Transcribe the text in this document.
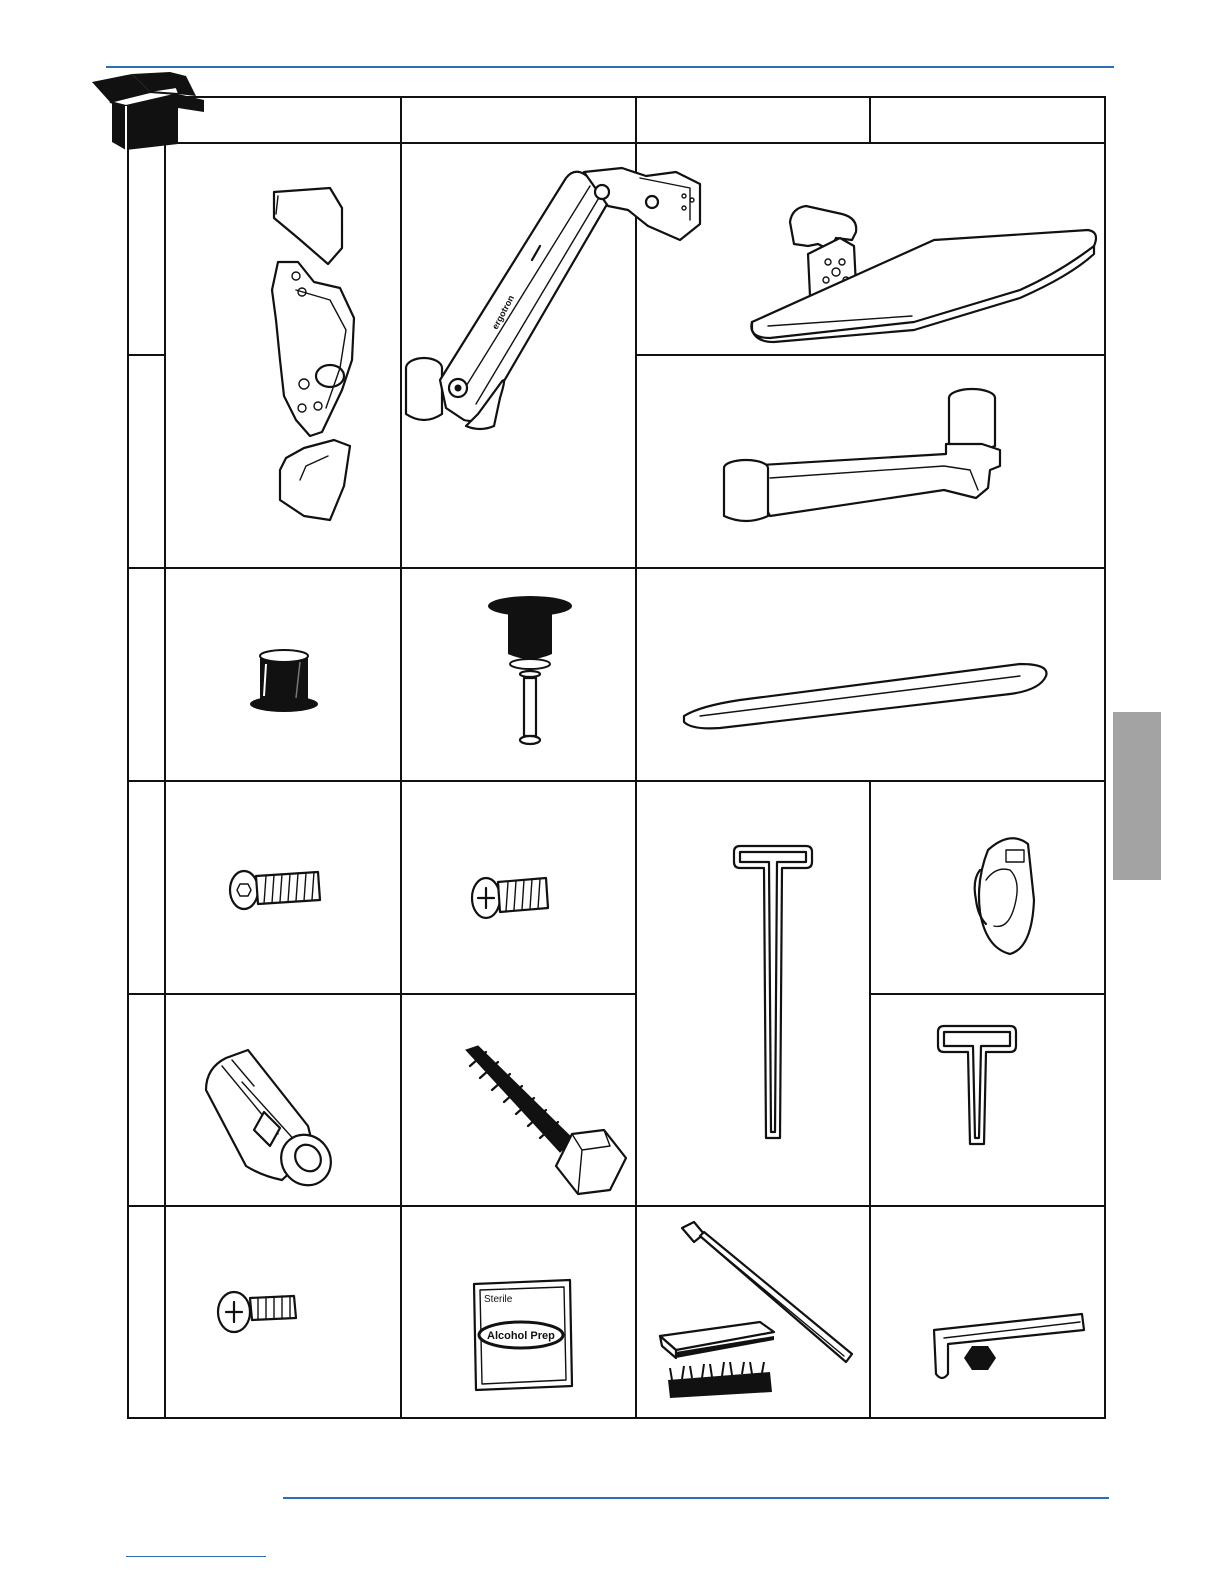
ergotron
Sterile
Alcohol Prep
